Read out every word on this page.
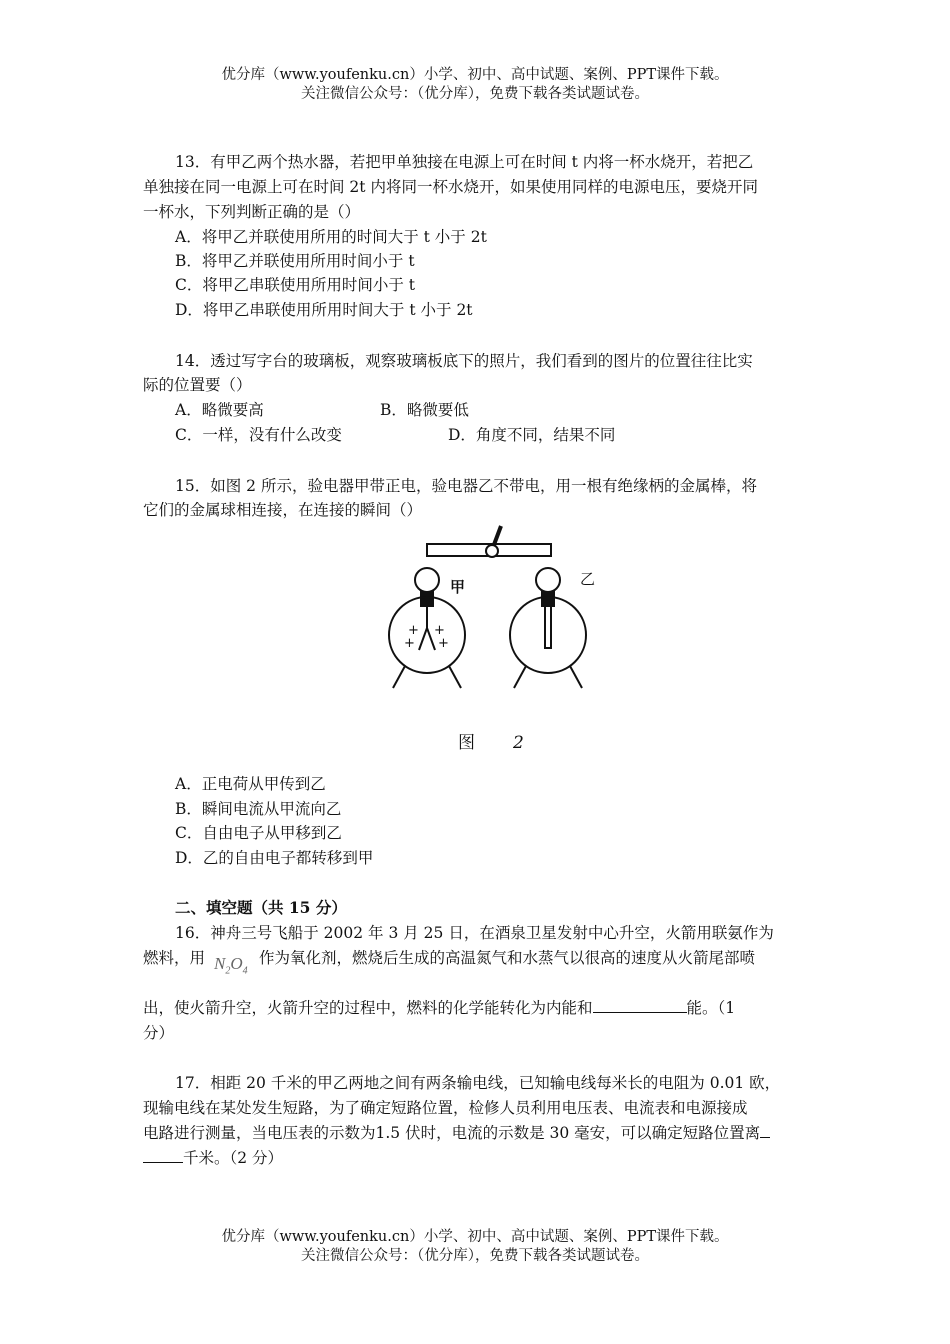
优分库（www.youfenku.cn）小学、初中、高中试题、案例、PPT课件下载。
关注微信公众号：（优分库），免费下载各类试题试卷。
13．有甲乙两个热水器，若把甲单独接在电源上可在时间 t 内将一杯水烧开，若把乙
单独接在同一电源上可在时间 2t 内将同一杯水烧开，如果使用同样的电源电压，要烧开同
一杯水，下列判断正确的是（）
A．将甲乙并联使用所用的时间大于 t 小于 2t
B．将甲乙并联使用所用时间小于 t
C．将甲乙串联使用所用时间小于 t
D．将甲乙串联使用所用时间大于 t 小于 2t
14．透过写字台的玻璃板，观察玻璃板底下的照片，我们看到的图片的位置往往比实
际的位置要（）
A．略微要高	B．略微要低
C．一样，没有什么改变	D．角度不同，结果不同
15．如图 2 所示，验电器甲带正电，验电器乙不带电，用一根有绝缘柄的金属棒，将
它们的金属球相连接，在连接的瞬间（）
+ +
+ +
甲	乙
图 2
A．正电荷从甲传到乙
B．瞬间电流从甲流向乙
C．自由电子从甲移到乙
D．乙的自由电子都转移到甲
二、填空题（共 15 分）
16．神舟三号飞船于 2002 年 3 月 25 日，在酒泉卫星发射中心升空，火箭用联氨作为
燃料，用 $N_2O_4$
作为氧化剂，燃烧后生成的高温氮气和水蒸气以很高的速度从火箭尾部喷
出，使火箭升空，火箭升空的过程中，燃料的化学能转化为内能和	能。（1
分）
17．相距 20 千米的甲乙两地之间有两条输电线，已知输电线每米长的电阻为 0.01 欧，
现输电线在某处发生短路，为了确定短路位置，检修人员利用电压表、电流表和电源接成
电路进行测量，当电压表的示数为1.5 伏时，电流的示数是 30 毫安，可以确定短路位置离
千米。（2 分）
优分库（www.youfenku.cn）小学、初中、高中试题、案例、PPT课件下载。
关注微信公众号：（优分库），免费下载各类试题试卷。
